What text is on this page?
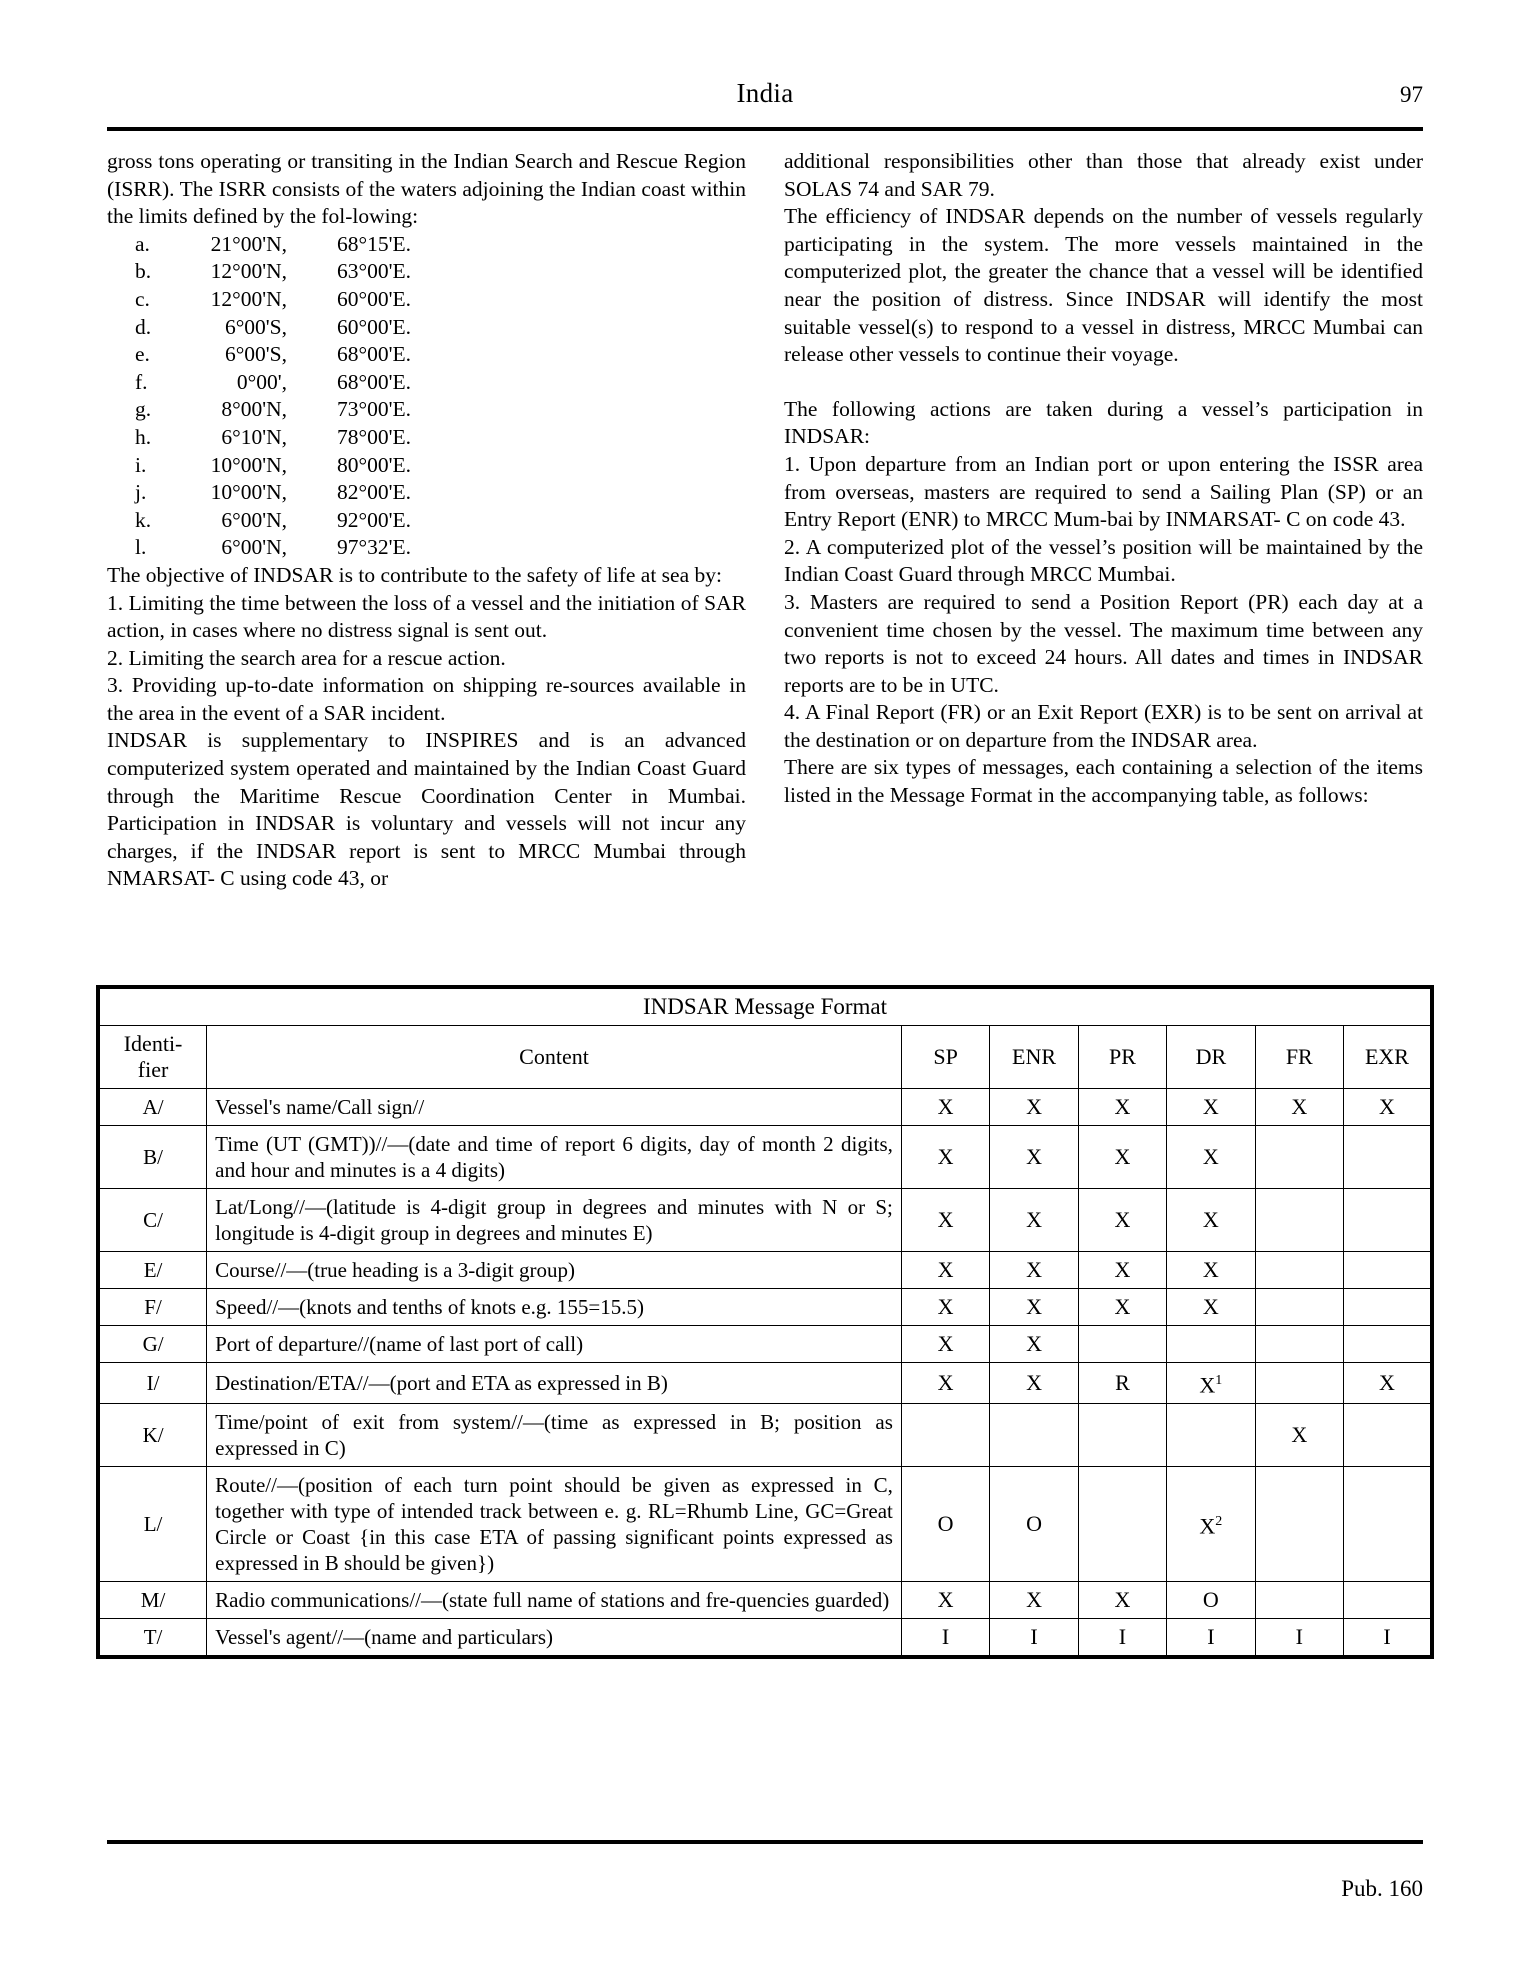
India	97

gross tons operating or transiting in the Indian Search and Rescue Region (ISRR). The ISRR consists of the waters adjoining the Indian coast within the limits defined by the fol-lowing:

a.	21°00'N,	68°15'E.
b.	12°00'N,	63°00'E.
c.	12°00'N,	60°00'E.
d.	6°00'S,	60°00'E.
e.	6°00'S,	68°00'E.
f.	0°00',	68°00'E.
g.	8°00'N,	73°00'E.
h.	6°10'N,	78°00'E.
i.	10°00'N,	80°00'E.
j.	10°00'N,	82°00'E.
k.	6°00'N,	92°00'E.
l.	6°00'N,	97°32'E.

The objective of INDSAR is to contribute to the safety of life at sea by:

1. Limiting the time between the loss of a vessel and the initiation of SAR action, in cases where no distress signal is sent out.

2. Limiting the search area for a rescue action.

3. Providing up-to-date information on shipping re-sources available in the area in the event of a SAR incident.

INDSAR is supplementary to INSPIRES and is an advanced computerized system operated and maintained by the Indian Coast Guard through the Maritime Rescue Coordination Center in Mumbai. Participation in INDSAR is voluntary and vessels will not incur any charges, if the INDSAR report is sent to MRCC Mumbai through NMARSAT- C using code 43, or

additional responsibilities other than those that already exist under SOLAS 74 and SAR 79.

The efficiency of INDSAR depends on the number of vessels regularly participating in the system. The more vessels maintained in the computerized plot, the greater the chance that a vessel will be identified near the position of distress. Since INDSAR will identify the most suitable vessel(s) to respond to a vessel in distress, MRCC Mumbai can release other vessels to continue their voyage.

The following actions are taken during a vessel’s participation in INDSAR:

1. Upon departure from an Indian port or upon entering the ISSR area from overseas, masters are required to send a Sailing Plan (SP) or an Entry Report (ENR) to MRCC Mum-bai by INMARSAT- C on code 43.

2. A computerized plot of the vessel’s position will be maintained by the Indian Coast Guard through MRCC Mumbai.

3. Masters are required to send a Position Report (PR) each day at a convenient time chosen by the vessel. The maximum time between any two reports is not to exceed 24 hours. All dates and times in INDSAR reports are to be in UTC.

4. A Final Report (FR) or an Exit Report (EXR) is to be sent on arrival at the destination or on departure from the INDSAR area.

There are six types of messages, each containing a selection of the items listed in the Message Format in the accompanying table, as follows:

INDSAR Message Format							
Identi-
fier	Content	SP	ENR	PR	DR	FR	EXR
A/	Vessel's name/Call sign//	X	X	X	X	X	X
B/	Time (UT (GMT))//—(date and time of report 6 digits, day of month 2 digits, and hour and minutes is a 4 digits)	X	X	X	X		
C/	Lat/Long//—(latitude is 4-digit group in degrees and minutes with N or S; longitude is 4-digit group in degrees and minutes E)	X	X	X	X		
E/	Course//—(true heading is a 3-digit group)	X	X	X	X		
F/	Speed//—(knots and tenths of knots e.g. 155=15.5)	X	X	X	X		
G/	Port of departure//(name of last port of call)	X	X				
I/	Destination/ETA//—(port and ETA as expressed in B)	X	X	R	$X^1$		X
K/	Time/point of exit from system//—(time as expressed in B; position as expressed in C)					X	
L/	Route//—(position of each turn point should be given as expressed in C, together with type of intended track between e. g. RL=Rhumb Line, GC=Great Circle or Coast {in this case ETA of passing significant points expressed as expressed in B should be given})	O	O		$X^2$		
M/	Radio communications//—(state full name of stations and fre-quencies guarded)	X	X	X	O		
T/	Vessel's agent//—(name and particulars)	I	I	I	I	I	I
Pub. 160
